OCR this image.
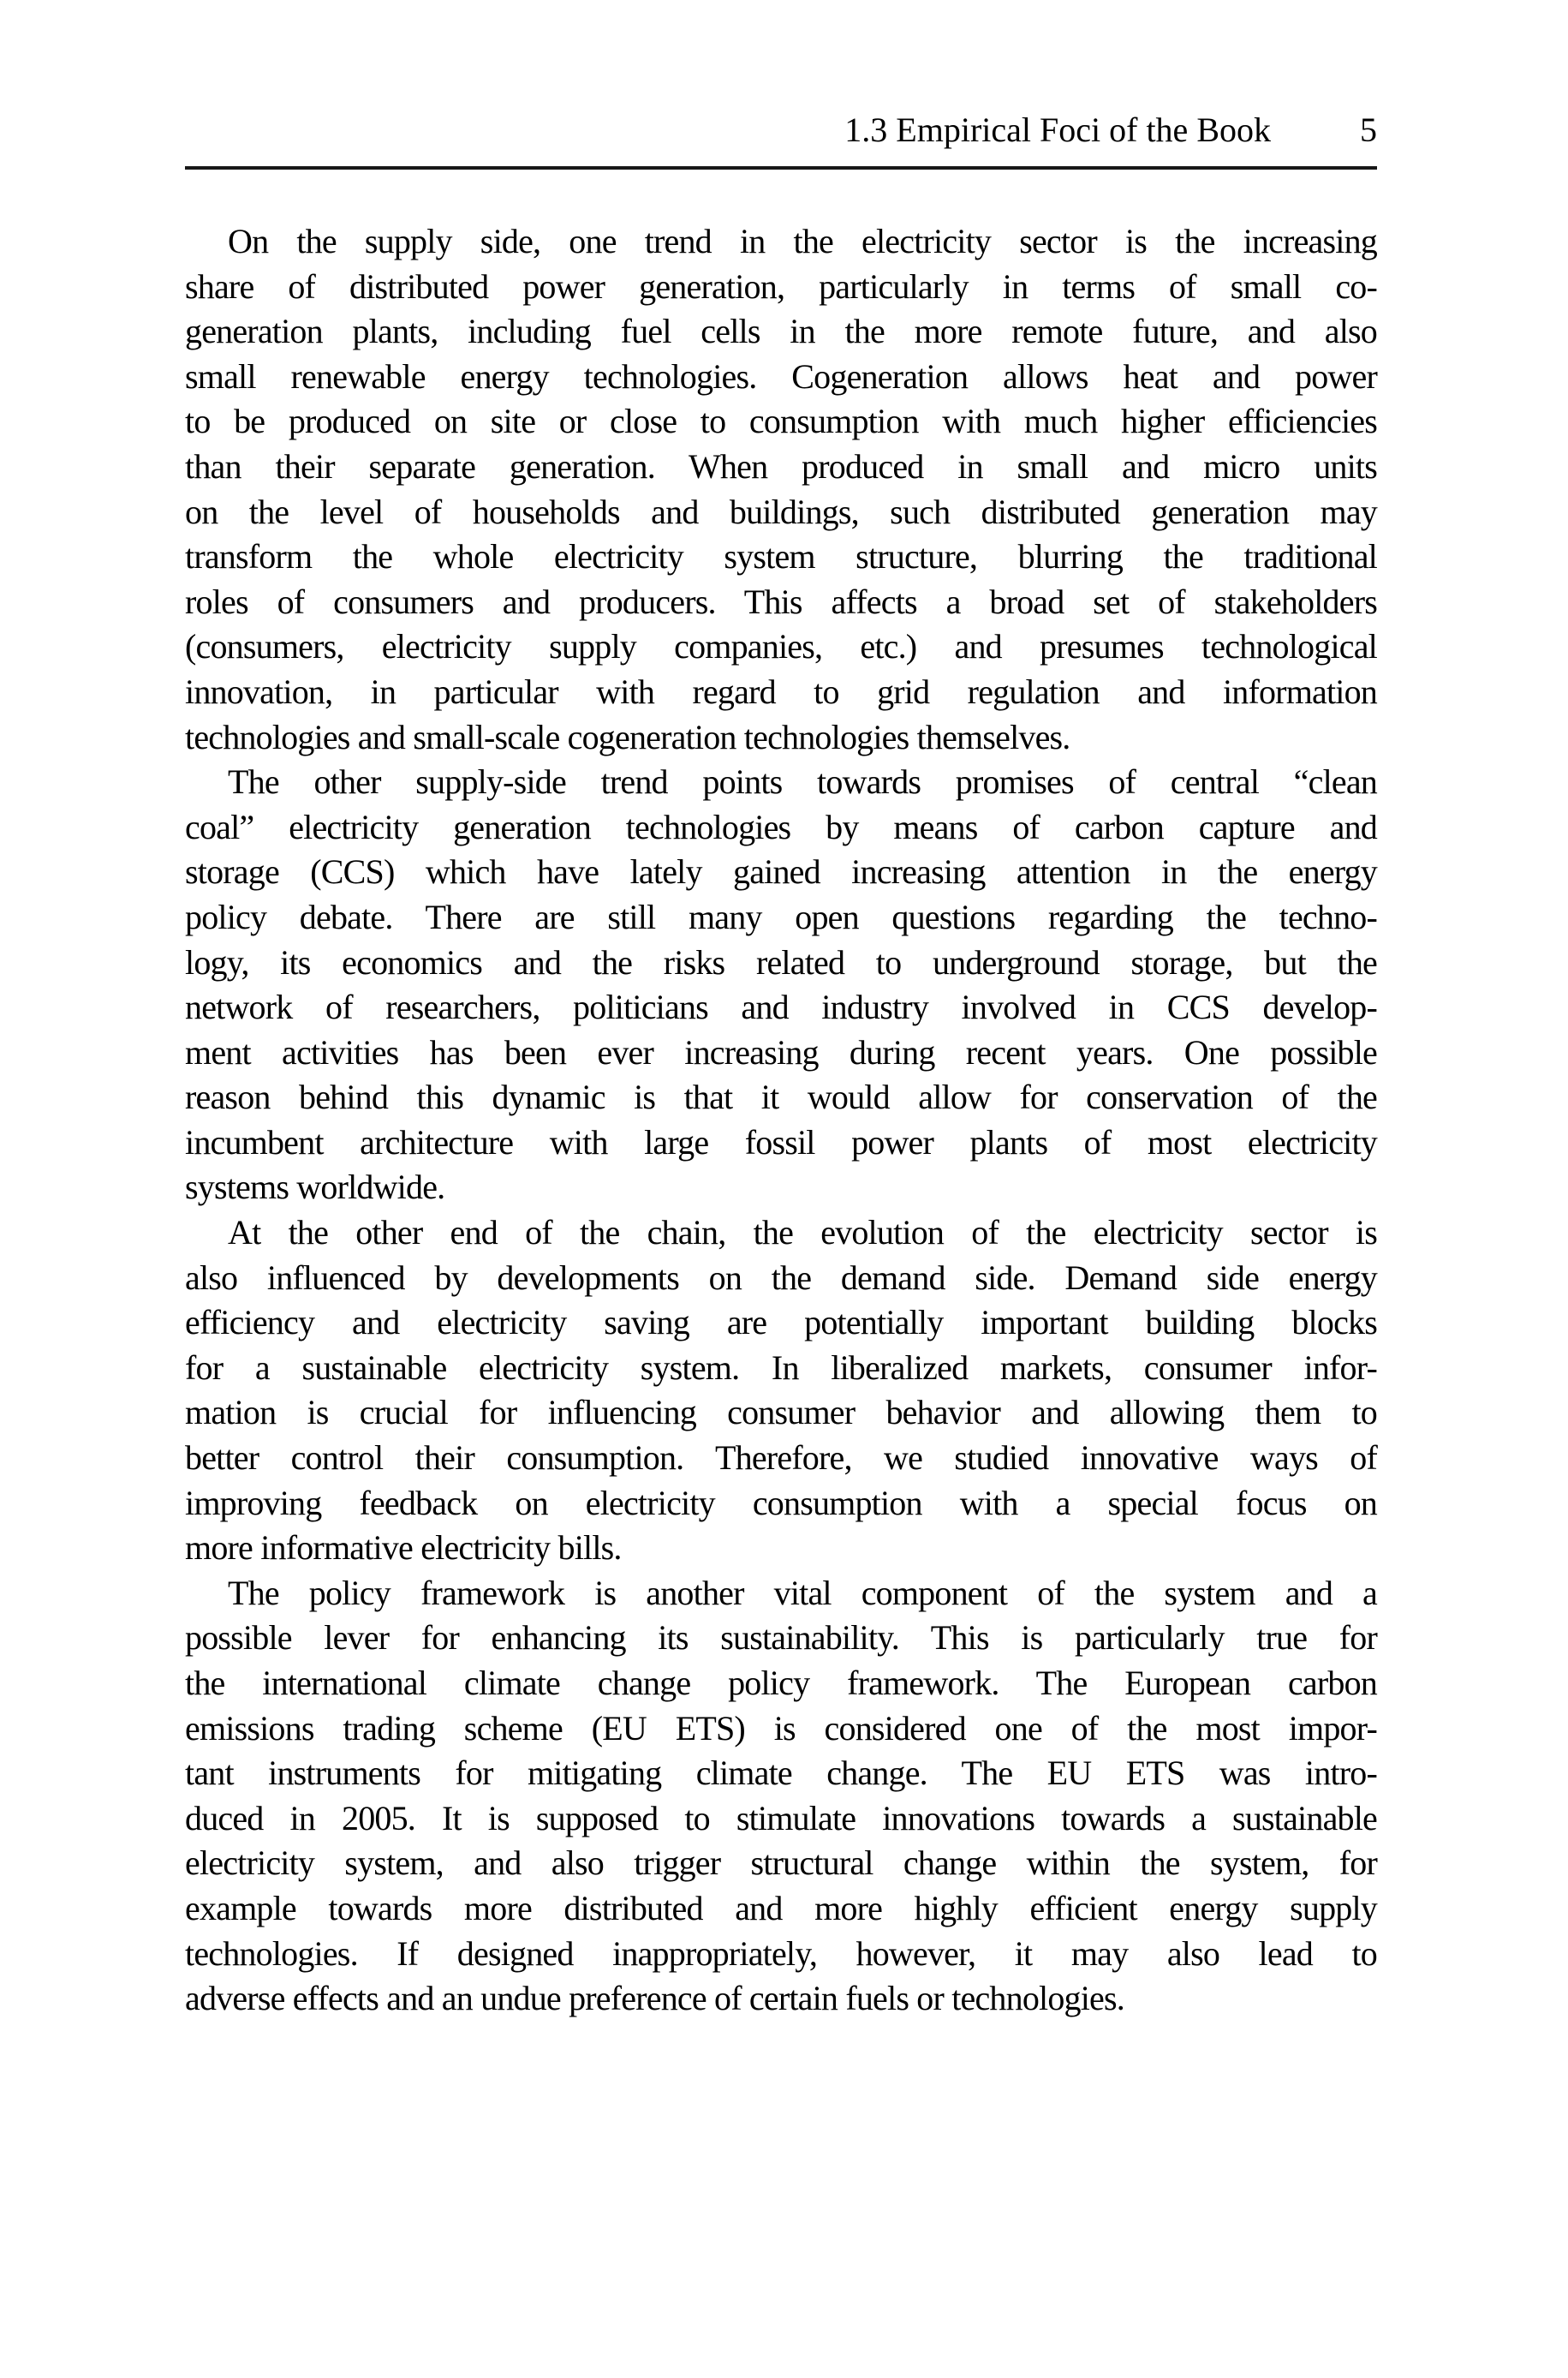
1.3 Empirical Foci of the Book	5
On the supply side, one trend in the electricity sector is the increasing
share of distributed power generation, particularly in terms of small co-
generation plants, including fuel cells in the more remote future, and also
small renewable energy technologies. Cogeneration allows heat and power
to be produced on site or close to consumption with much higher efficiencies
than their separate generation. When produced in small and micro units
on the level of households and buildings, such distributed generation may
transform the whole electricity system structure, blurring the traditional
roles of consumers and producers. This affects a broad set of stakeholders
(consumers, electricity supply companies, etc.) and presumes technological
innovation, in particular with regard to grid regulation and information
technologies and small-scale cogeneration technologies themselves.
The other supply-side trend points towards promises of central “clean
coal” electricity generation technologies by means of carbon capture and
storage (CCS) which have lately gained increasing attention in the energy
policy debate. There are still many open questions regarding the techno-
logy, its economics and the risks related to underground storage, but the
network of researchers, politicians and industry involved in CCS develop-
ment activities has been ever increasing during recent years. One possible
reason behind this dynamic is that it would allow for conservation of the
incumbent architecture with large fossil power plants of most electricity
systems worldwide.
At the other end of the chain, the evolution of the electricity sector is
also influenced by developments on the demand side. Demand side energy
efficiency and electricity saving are potentially important building blocks
for a sustainable electricity system. In liberalized markets, consumer infor-
mation is crucial for influencing consumer behavior and allowing them to
better control their consumption. Therefore, we studied innovative ways of
improving feedback on electricity consumption with a special focus on
more informative electricity bills.
The policy framework is another vital component of the system and a
possible lever for enhancing its sustainability. This is particularly true for
the international climate change policy framework. The European carbon
emissions trading scheme (EU ETS) is considered one of the most impor-
tant instruments for mitigating climate change. The EU ETS was intro-
duced in 2005. It is supposed to stimulate innovations towards a sustainable
electricity system, and also trigger structural change within the system, for
example towards more distributed and more highly efficient energy supply
technologies. If designed inappropriately, however, it may also lead to
adverse effects and an undue preference of certain fuels or technologies.
